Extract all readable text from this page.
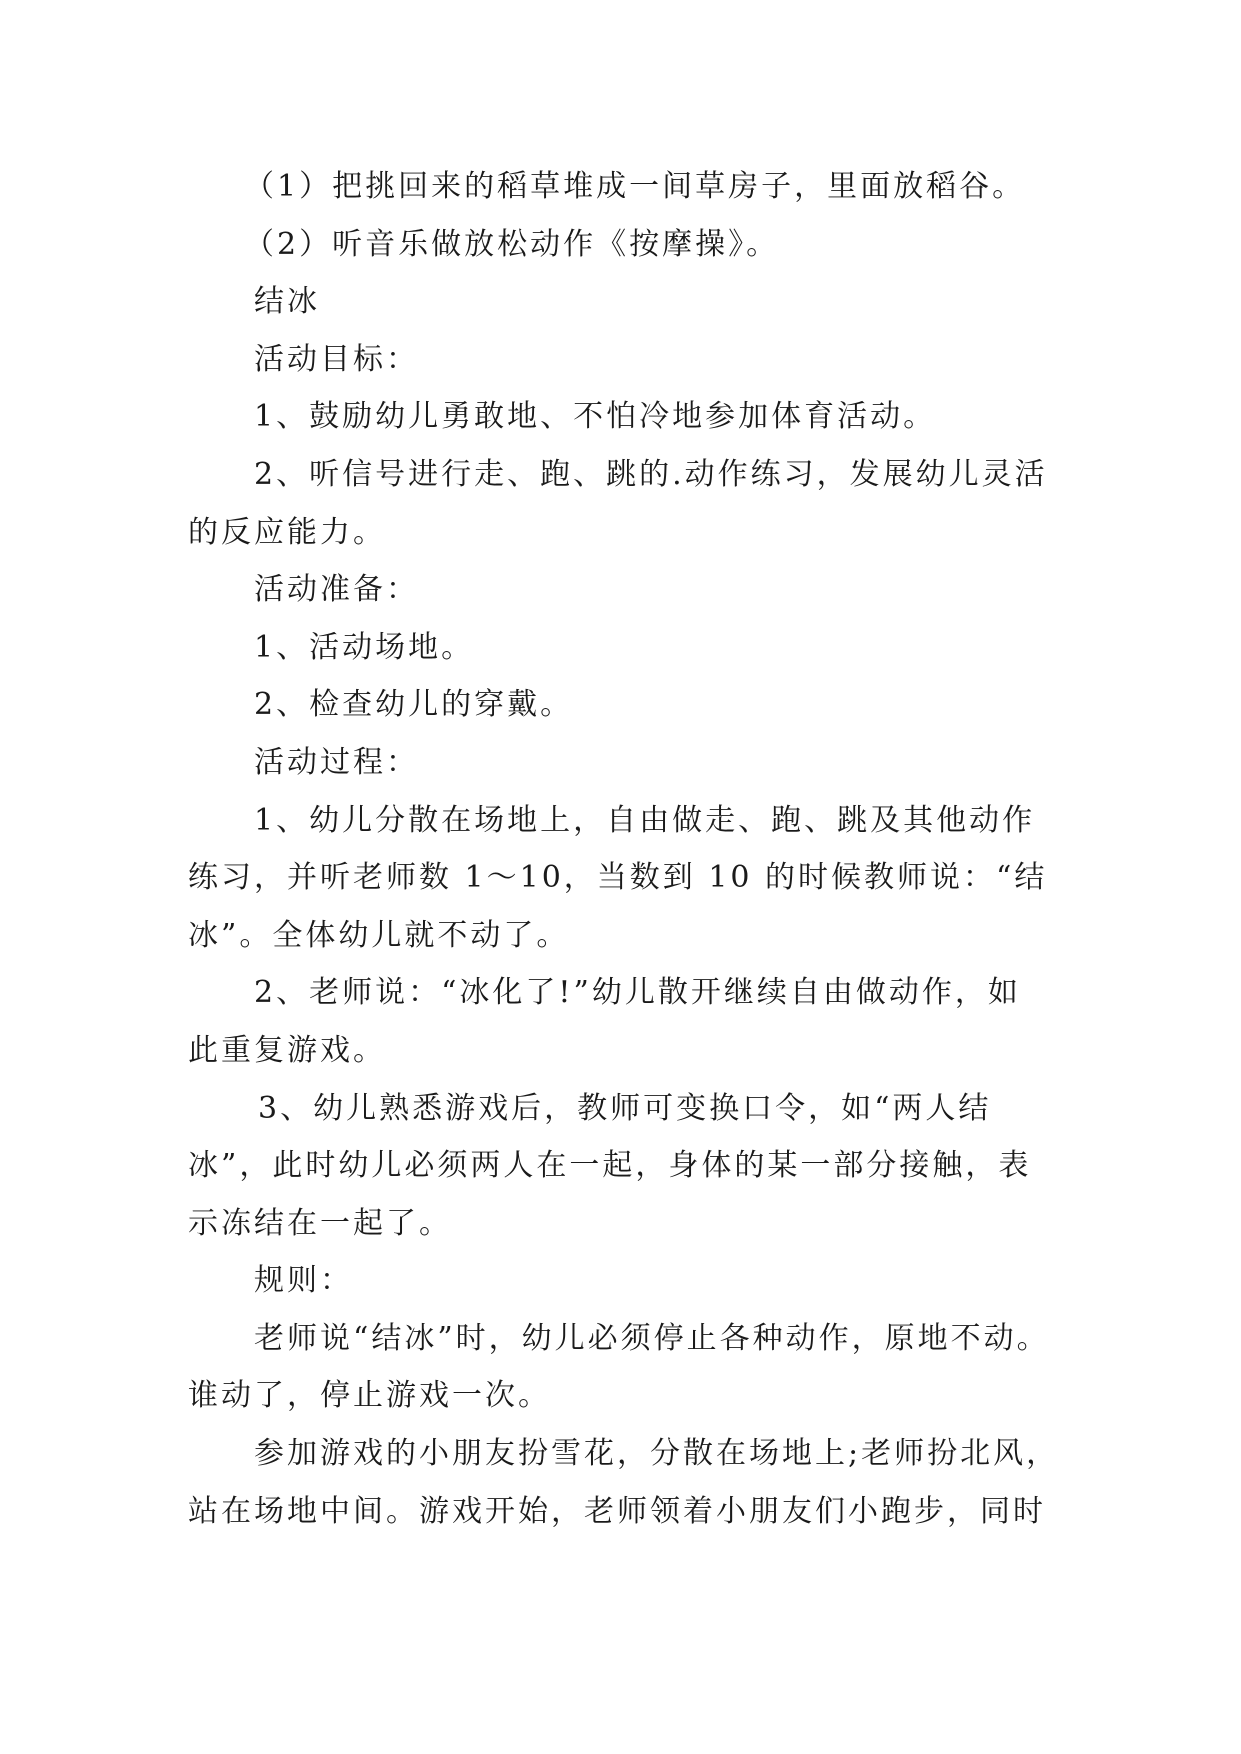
（1）把挑回来的稻草堆成一间草房子，里面放稻谷。

（2）听音乐做放松动作《按摩操》。

结冰

活动目标：

1、鼓励幼儿勇敢地、不怕冷地参加体育活动。

2、听信号进行走、跑、跳的.动作练习，发展幼儿灵活

的反应能力。

活动准备：

1、活动场地。

2、检查幼儿的穿戴。

活动过程：

1、幼儿分散在场地上，自由做走、跑、跳及其他动作

练习，并听老师数 1～10，当数到 10 的时候教师说：“结

冰”。全体幼儿就不动了。

2、老师说：“冰化了!”幼儿散开继续自由做动作，如

此重复游戏。

3、幼儿熟悉游戏后，教师可变换口令，如“两人结

冰”，此时幼儿必须两人在一起，身体的某一部分接触，表

示冻结在一起了。

规则：

老师说“结冰”时，幼儿必须停止各种动作，原地不动。

谁动了，停止游戏一次。

参加游戏的小朋友扮雪花，分散在场地上;老师扮北风，

站在场地中间。游戏开始，老师领着小朋友们小跑步，同时
